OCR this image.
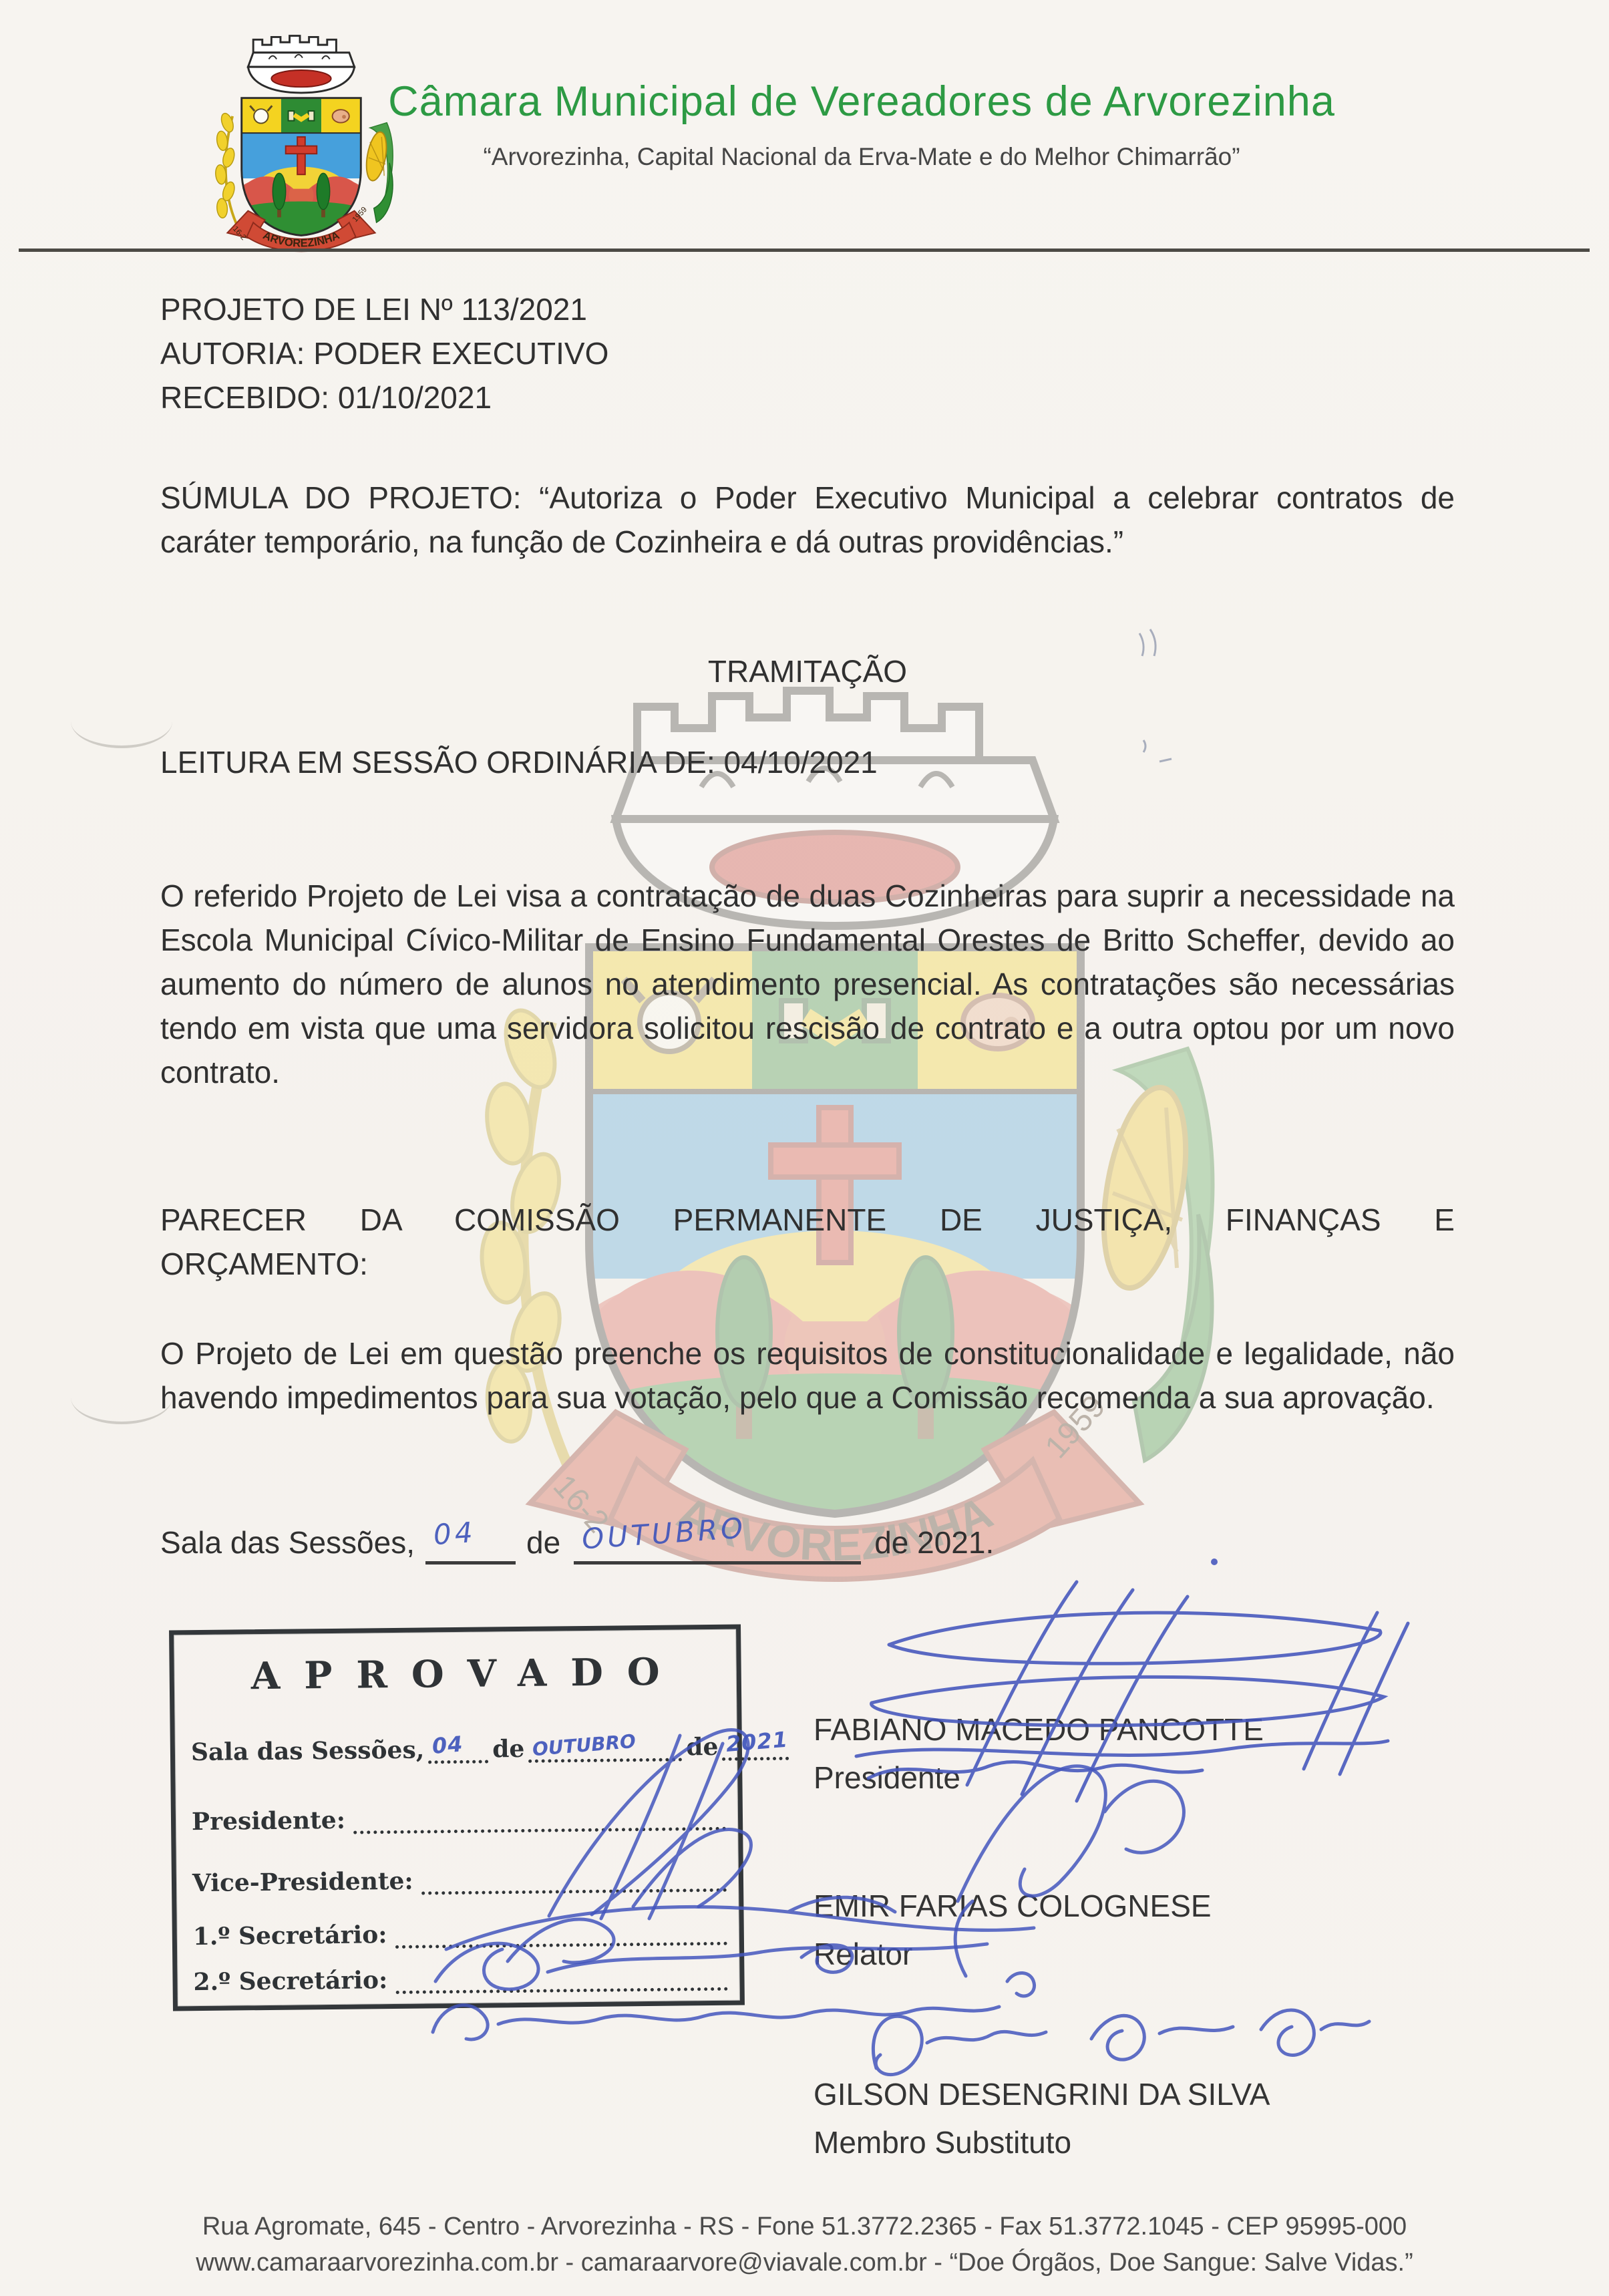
Câmara Municipal de Vereadores de Arvorezinha
“Arvorezinha, Capital Nacional da Erva-Mate e do Melhor Chimarrão”
PROJETO DE LEI Nº 113/2021
AUTORIA: PODER EXECUTIVO
RECEBIDO: 01/10/2021
SÚMULA DO PROJETO: “Autoriza o Poder Executivo Municipal a celebrar contratos de caráter temporário, na função de Cozinheira e dá outras providências.”
TRAMITAÇÃO
LEITURA EM SESSÃO ORDINÁRIA DE: 04/10/2021
O referido Projeto de Lei visa a contratação de duas Cozinheiras para suprir a necessidade na Escola Municipal Cívico-Militar de Ensino Fundamental Orestes de Britto Scheffer, devido ao aumento do número de alunos no atendimento presencial. As contratações são necessárias tendo em vista que uma servidora solicitou rescisão de contrato e a outra optou por um novo contrato.
PARECER DA COMISSÃO PERMANENTE DE JUSTIÇA, FINANÇAS E
ORÇAMENTO:
O Projeto de Lei em questão preenche os requisitos de constitucionalidade e legalidade, não havendo impedimentos para sua votação, pelo que a Comissão recomenda a sua aprovação.
Sala das Sessões, 04 de OUTUBRO	de 2021.
APROVADO
Sala das Sessões, 04 de OUTUBRO de 2021
Presidente:
Vice-Presidente:
1.º Secretário:
2.º Secretário:
FABIANO MACEDO PANCOTTE
Presidente
EMIR FARIAS COLOGNESE
Relator
GILSON DESENGRINI DA SILVA
Membro Substituto
Rua Agromate, 645 - Centro - Arvorezinha - RS - Fone 51.3772.2365 - Fax 51.3772.1045 - CEP 95995-000
www.camaraarvorezinha.com.br - camaraarvore@viavale.com.br - “Doe Órgãos, Doe Sangue: Salve Vidas.”
